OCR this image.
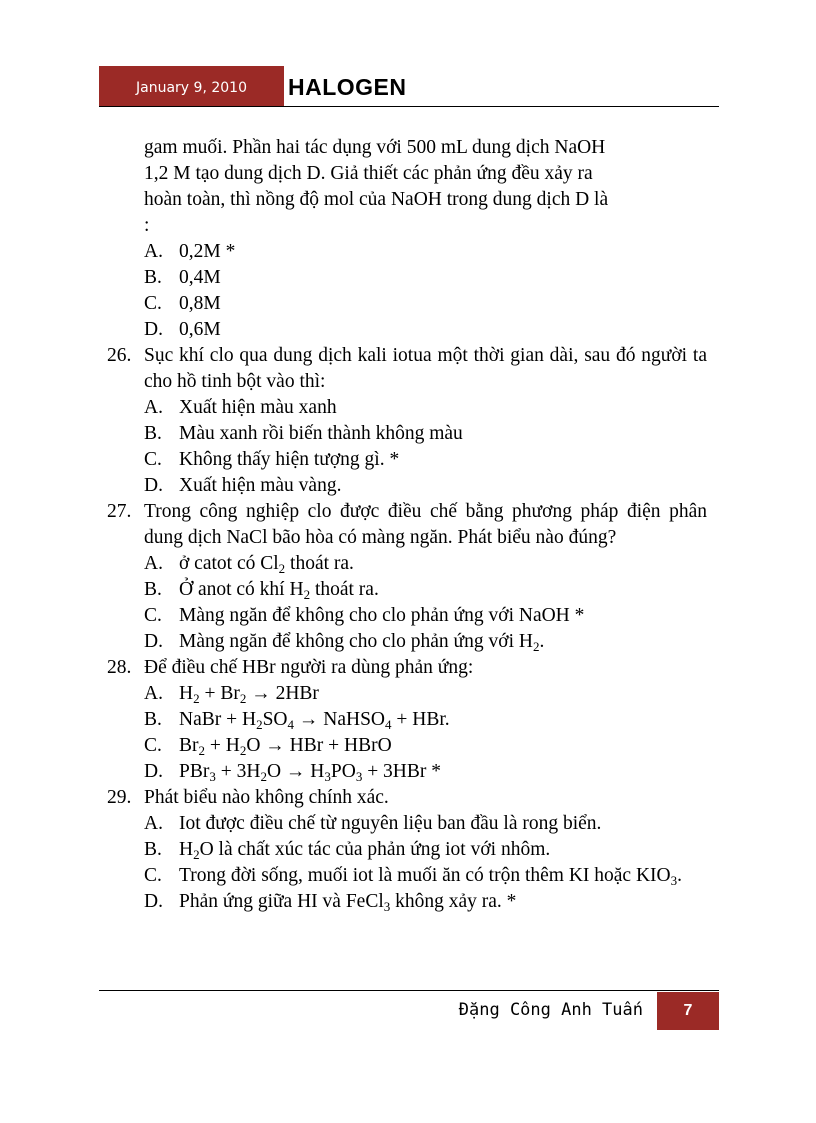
January 9, 2010	HALOGEN
gam muối. Phần hai tác dụng với 500 mL dung dịch NaOH
1,2 M tạo dung dịch D. Giả thiết các phản ứng đều xảy ra
hoàn toàn, thì nồng độ mol của NaOH trong dung dịch D là
:
A. 0,2M *
B. 0,4M
C. 0,8M
D. 0,6M
26. Sục khí clo qua dung dịch kali iotua một thời gian dài, sau đó người ta cho hồ tinh bột vào thì:
A. Xuất hiện màu xanh
B. Màu xanh rồi biến thành không màu
C. Không thấy hiện tượng gì. *
D. Xuất hiện màu vàng.
27. Trong công nghiệp clo được điều chế bằng phương pháp điện phân dung dịch NaCl bão hòa có màng ngăn. Phát biểu nào đúng?
A. ở catot có $Cl_2$ thoát ra.
B. Ở anot có khí $H_2$ thoát ra.
C. Màng ngăn để không cho clo phản ứng với NaOH *
D. Màng ngăn để không cho clo phản ứng với $H_2$.
28. Để điều chế HBr người ra dùng phản ứng:
A. $H_2 + Br_2 \to 2HBr$
B. NaBr + $H_2SO_4$ → NaHSO$_4$ + HBr.
C. $Br_2 + H_2O$ → HBr + HBrO
D. $PBr_3 + 3H_2O \to H_3PO_3 + 3HBr$ *
29. Phát biểu nào không chính xác.
A. Iot được điều chế từ nguyên liệu ban đầu là rong biển.
B. $H_2O$ là chất xúc tác của phản ứng iot với nhôm.
C. Trong đời sống, muối iot là muối ăn có trộn thêm KI hoặc $KIO_3$.
D. Phản ứng giữa HI và FeCl$_3$ không xảy ra. *
Đặng Công Anh Tuấn	7
